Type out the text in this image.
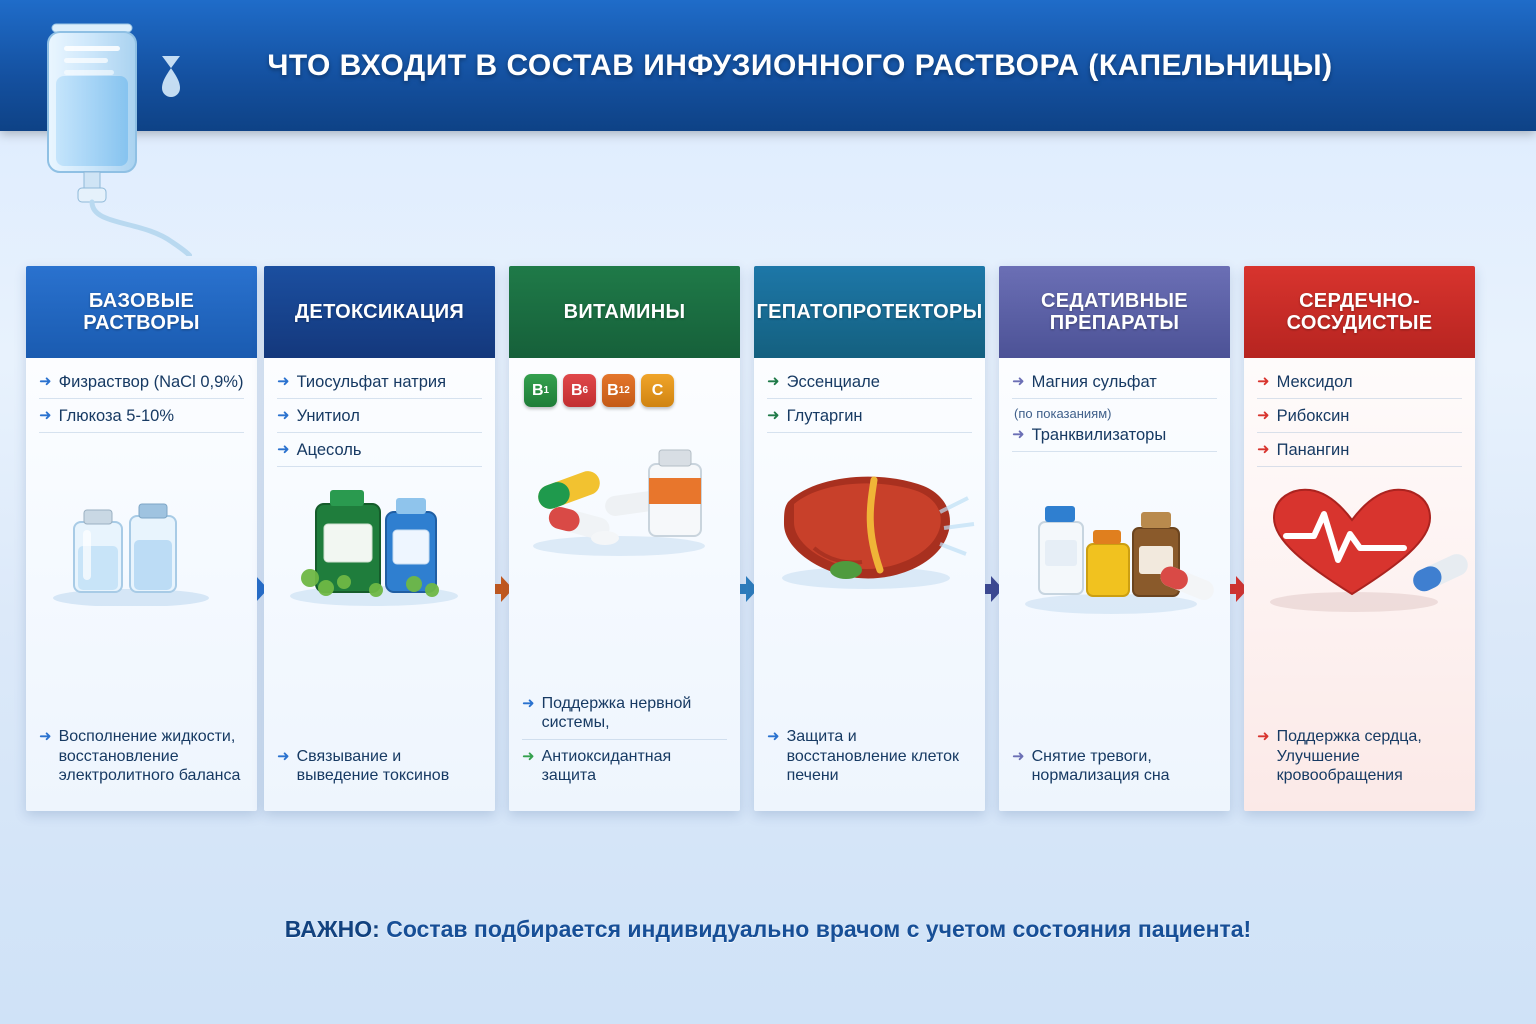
ЧТО ВХОДИТ В СОСТАВ ИНФУЗИОННОГО РАСТВОРА (КАПЕЛЬНИЦЫ)
БАЗОВЫЕ РАСТВОРЫ
➜ Физраствор (NaCl 0,9%)
➜ Глюкоза 5-10%
➜ Восполнение жидкости, восстановление электролитного баланса
ДЕТОКСИКАЦИЯ
➜ Тиосульфат натрия
➜ Унитиол
➜ Ацесоль
➜ Связывание и выведение токсинов
ВИТАМИНЫ
B 1	B 6	B 12	C
➜ Поддержка нервной системы,
➜ Антиоксидантная защита
ГЕПАТОПРОТЕКТОРЫ
➜ Эссенциале
➜ Глутаргин
➜ Защита и восстановление клеток печени
СЕДАТИВНЫЕ ПРЕПАРАТЫ
➜ Магния сульфат
(по показаниям)
➜ Транквилизаторы
➜ Снятие тревоги, нормализация сна
СЕРДЕЧНО-СОСУДИСТЫЕ
➜ Мексидол
➜ Рибоксин
➜ Панангин
➜ Поддержка сердца, Улучшение кровообращения
ВАЖНО: Состав подбирается индивидуально врачом с учетом состояния пациента!
